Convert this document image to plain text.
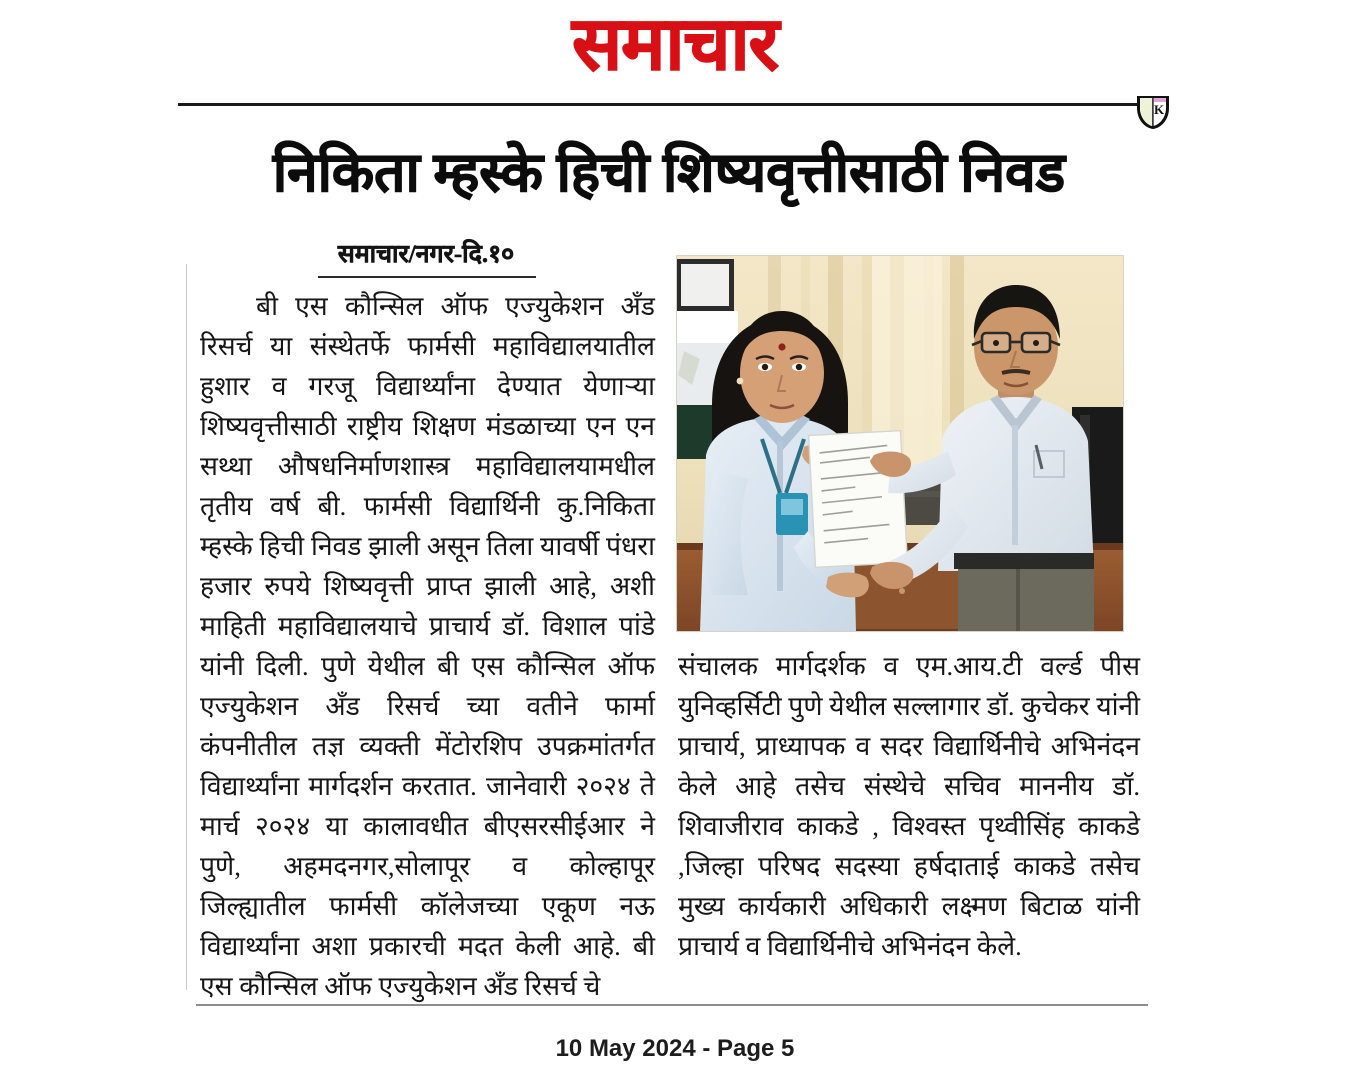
समाचार
K
निकिता म्हस्के हिची शिष्यवृत्तीसाठी निवड
समाचार/नगर-दि.१०

बी एस कौन्सिल ऑफ एज्युकेशन अँड रिसर्च या संस्थेतर्फे फार्मसी महाविद्यालयातील हुशार व गरजू विद्यार्थ्यांना देण्यात येणाऱ्या शिष्यवृत्तीसाठी राष्ट्रीय शिक्षण मंडळाच्या एन एन सथ्था औषधनिर्माणशास्त्र महाविद्यालयामधील तृतीय वर्ष बी. फार्मसी विद्यार्थिनी कु.निकिता म्हस्के हिची निवड झाली असून तिला यावर्षी पंधरा हजार रुपये शिष्यवृत्ती प्राप्त झाली आहे, अशी माहिती महाविद्यालयाचे प्राचार्य डॉ. विशाल पांडे यांनी दिली. पुणे येथील बी एस कौन्सिल ऑफ एज्युकेशन अँड रिसर्च च्या वतीने फार्मा कंपनीतील तज्ञ व्यक्ती मेंटोरशिप उपक्रमांतर्गत विद्यार्थ्यांना मार्गदर्शन करतात. जानेवारी २०२४ ते मार्च २०२४ या कालावधीत बीएसरसीईआर ने पुणे, अहमदनगर,सोलापूर व कोल्हापूर जिल्ह्यातील फार्मसी कॉलेजच्या एकूण नऊ विद्यार्थ्यांना अशा प्रकारची मदत केली आहे. बी एस कौन्सिल ऑफ एज्युकेशन अँड रिसर्च चे

संचालक मार्गदर्शक व एम.आय.टी वर्ल्ड पीस युनिव्हर्सिटी पुणे येथील सल्लागार डॉ. कुचेकर यांनी प्राचार्य, प्राध्यापक व सदर विद्यार्थिनीचे अभिनंदन केले आहे तसेच संस्थेचे सचिव माननीय डॉ. शिवाजीराव काकडे , विश्वस्त पृथ्वीसिंह काकडे ,जिल्हा परिषद सदस्या हर्षदाताई काकडे तसेच मुख्य कार्यकारी अधिकारी लक्ष्मण बिटाळ यांनी प्राचार्य व विद्यार्थिनीचे अभिनंदन केले.

10 May 2024 - Page 5
